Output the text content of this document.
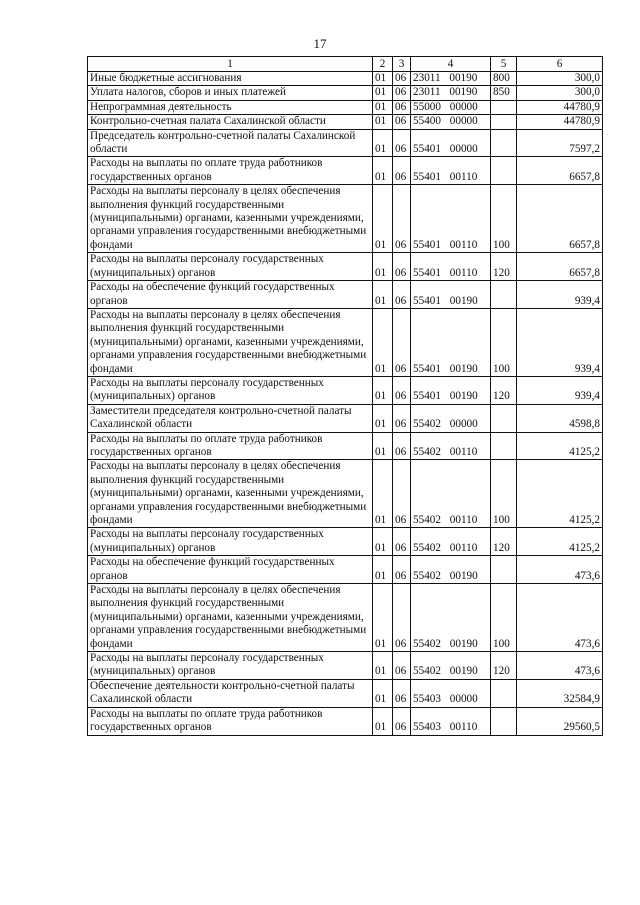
17
1	2	3	4	5	6
Иные бюджетные ассигнования	01	06	23011 00190	800	300,0
Уплата налогов, сборов и иных платежей	01	06	23011 00190	850	300,0
Непрограммная деятельность	01	06	55000 00000		44780,9
Контрольно-счетная палата Сахалинской области	01	06	55400 00000		44780,9
Председатель контрольно-счетной палаты Сахалинской области	01	06	55401 00000		7597,2
Расходы на выплаты по оплате труда работников государственных органов	01	06	55401 00110		6657,8
Расходы на выплаты персоналу в целях обеспечения выполнения функций государственными (муниципальными) органами, казенными учреждениями, органами управления государственными внебюджетными фондами	01	06	55401 00110	100	6657,8
Расходы на выплаты персоналу государственных (муниципальных) органов	01	06	55401 00110	120	6657,8
Расходы на обеспечение функций государственных органов	01	06	55401 00190		939,4
Расходы на выплаты персоналу в целях обеспечения выполнения функций государственными (муниципальными) органами, казенными учреждениями, органами управления государственными внебюджетными фондами	01	06	55401 00190	100	939,4
Расходы на выплаты персоналу государственных (муниципальных) органов	01	06	55401 00190	120	939,4
Заместители председателя контрольно-счетной палаты Сахалинской области	01	06	55402 00000		4598,8
Расходы на выплаты по оплате труда работников государственных органов	01	06	55402 00110		4125,2
Расходы на выплаты персоналу в целях обеспечения выполнения функций государственными (муниципальными) органами, казенными учреждениями, органами управления государственными внебюджетными фондами	01	06	55402 00110	100	4125,2
Расходы на выплаты персоналу государственных (муниципальных) органов	01	06	55402 00110	120	4125,2
Расходы на обеспечение функций государственных органов	01	06	55402 00190		473,6
Расходы на выплаты персоналу в целях обеспечения выполнения функций государственными (муниципальными) органами, казенными учреждениями, органами управления государственными внебюджетными фондами	01	06	55402 00190	100	473,6
Расходы на выплаты персоналу государственных (муниципальных) органов	01	06	55402 00190	120	473,6
Обеспечение деятельности контрольно-счетной палаты Сахалинской области	01	06	55403 00000		32584,9
Расходы на выплаты по оплате труда работников государственных органов	01	06	55403 00110		29560,5
